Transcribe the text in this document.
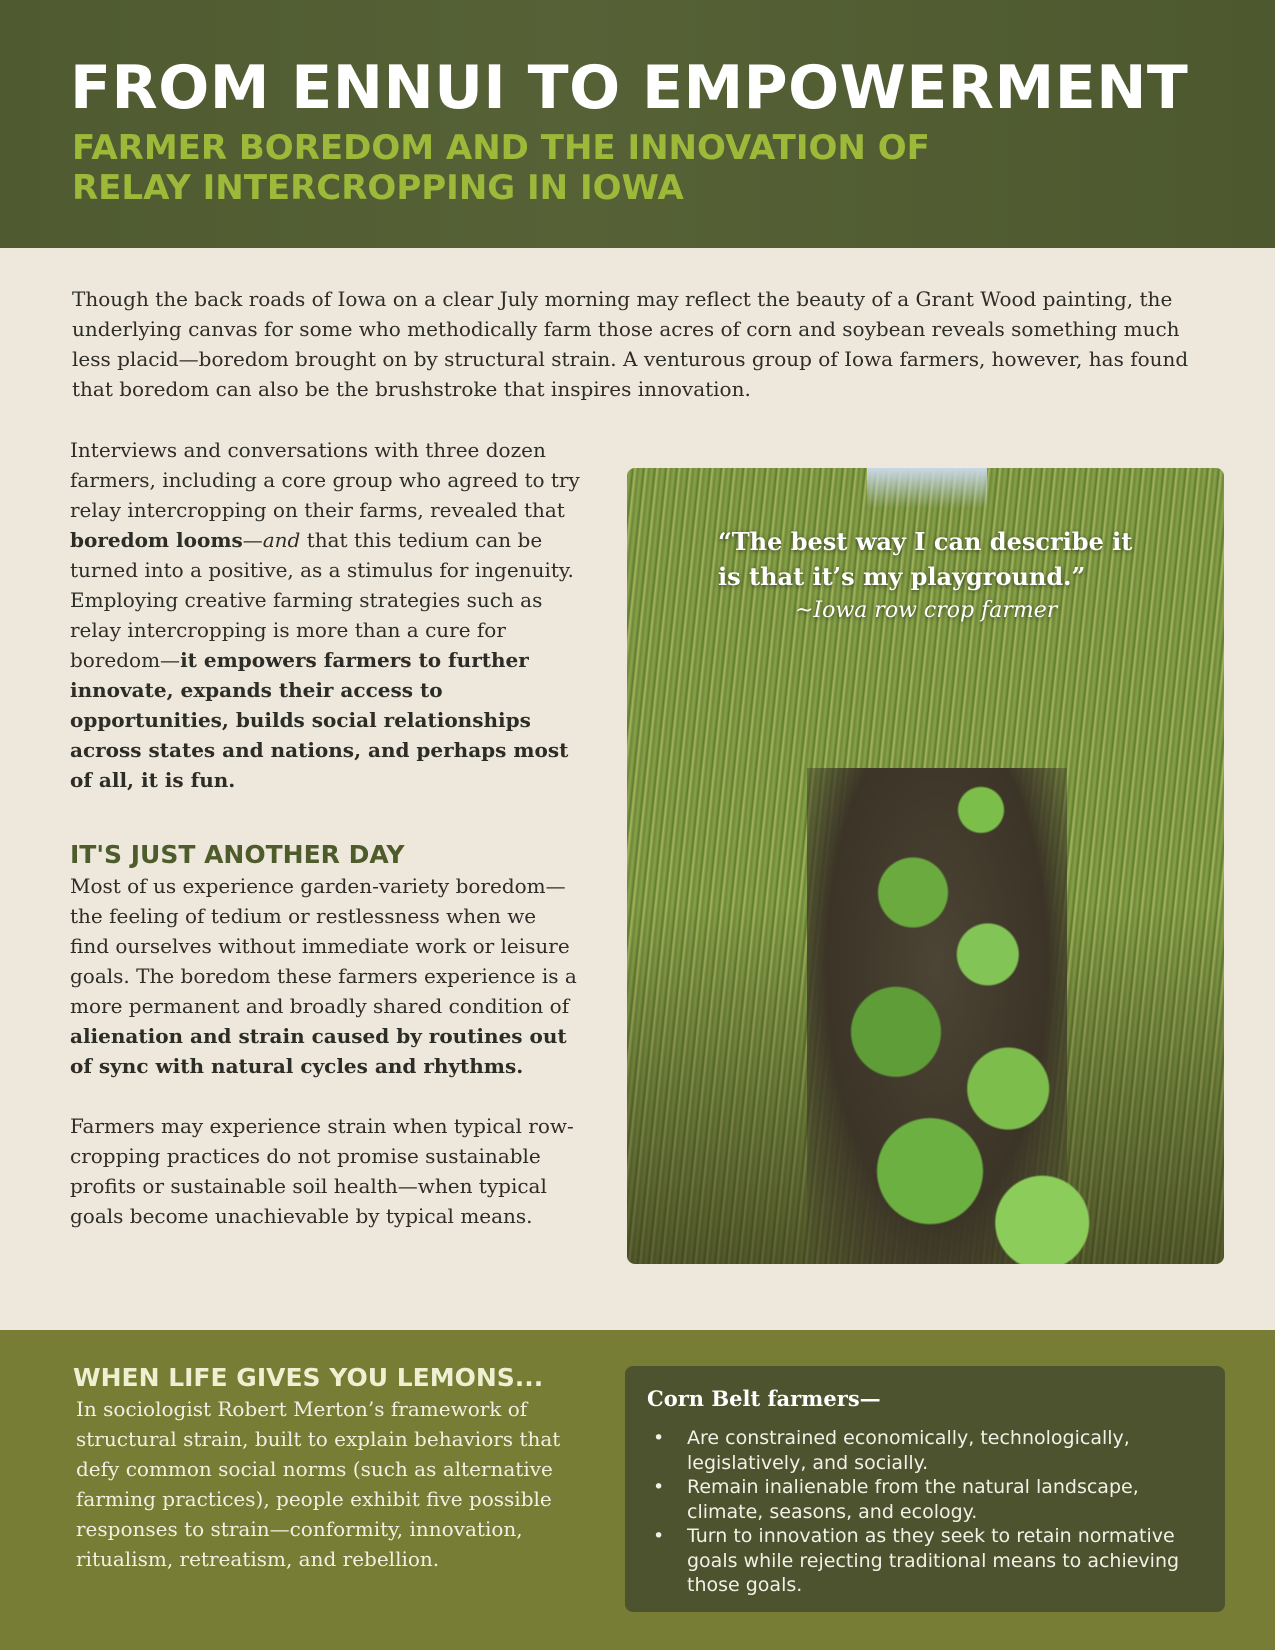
FROM ENNUI TO EMPOWERMENT
FARMER BOREDOM AND THE INNOVATION OF
RELAY INTERCROPPING IN IOWA

Though the back roads of Iowa on a clear July morning may reflect the beauty of a Grant Wood painting, the underlying canvas for some who methodically farm those acres of corn and soybean reveals something much less placid—boredom brought on by structural strain. A venturous group of Iowa farmers, however, has found that boredom can also be the brushstroke that inspires innovation.

Interviews and conversations with three dozen farmers, including a core group who agreed to try relay intercropping on their farms, revealed that boredom looms—and that this tedium can be turned into a positive, as a stimulus for ingenuity. Employing creative farming strategies such as relay intercropping is more than a cure for boredom—it empowers farmers to further innovate, expands their access to opportunities, builds social relationships across states and nations, and perhaps most of all, it is fun.

IT'S JUST ANOTHER DAY

Most of us experience garden-variety boredom—the feeling of tedium or restlessness when we find ourselves without immediate work or leisure goals. The boredom these farmers experience is a more permanent and broadly shared condition of alienation and strain caused by routines out of sync with natural cycles and rhythms.

Farmers may experience strain when typical row-cropping practices do not promise sustainable profits or sustainable soil health—when typical goals become unachievable by typical means.

“The best way I can describe it
is that it’s my playground.”
~Iowa row crop farmer
WHEN LIFE GIVES YOU LEMONS...

In sociologist Robert Merton’s framework of structural strain, built to explain behaviors that defy common social norms (such as alternative farming practices), people exhibit five possible responses to strain—conformity, innovation, ritualism, retreatism, and rebellion.

Corn Belt farmers—
• Are constrained economically, technologically, legislatively, and socially.
• Remain inalienable from the natural landscape, climate, seasons, and ecology.
• Turn to innovation as they seek to retain normative goals while rejecting traditional means to achieving those goals.
